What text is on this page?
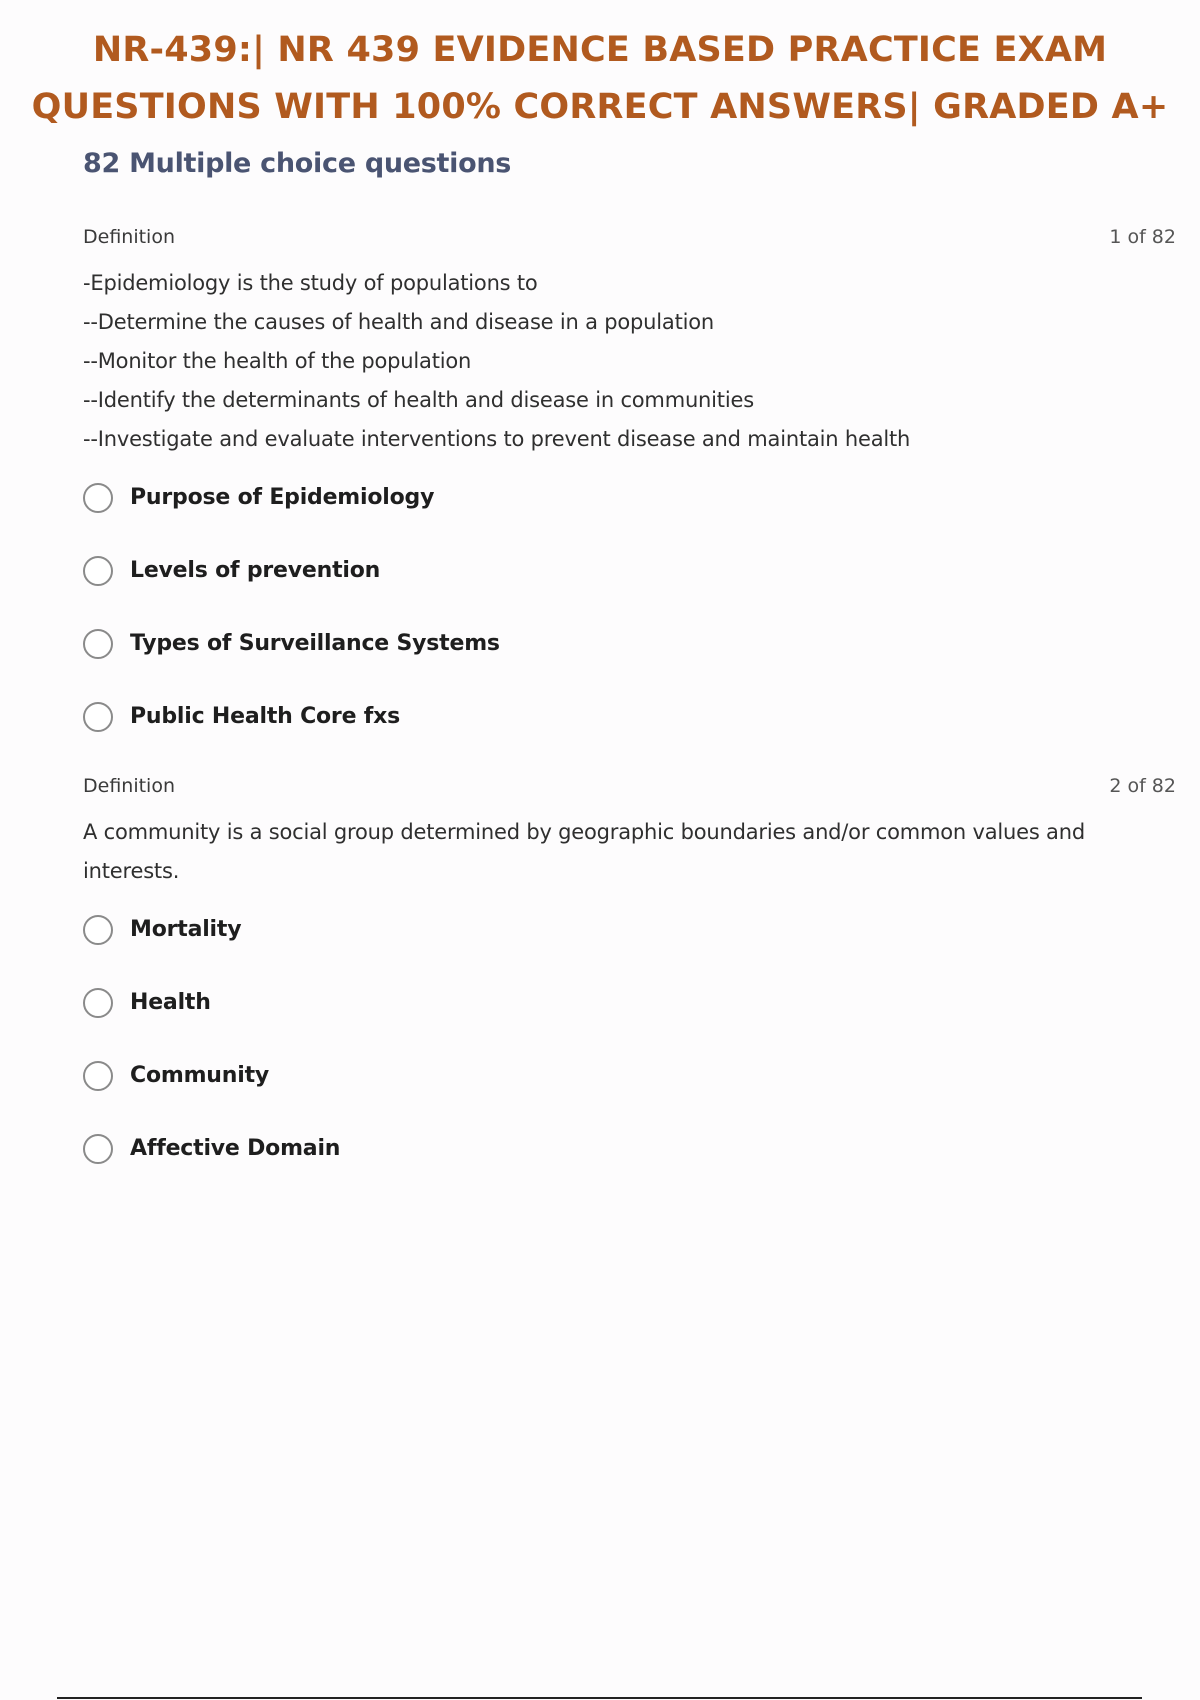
NR-439:| NR 439 EVIDENCE BASED PRACTICE EXAM
QUESTIONS WITH 100% CORRECT ANSWERS| GRADED A+
82 Multiple choice questions
Definition	1 of 82
-Epidemiology is the study of populations to
--Determine the causes of health and disease in a population
--Monitor the health of the population
--Identify the determinants of health and disease in communities
--Investigate and evaluate interventions to prevent disease and maintain health
Purpose of Epidemiology
Levels of prevention
Types of Surveillance Systems
Public Health Core fxs
Definition	2 of 82
A community is a social group determined by geographic boundaries and/or common values and interests.
Mortality
Health
Community
Affective Domain
